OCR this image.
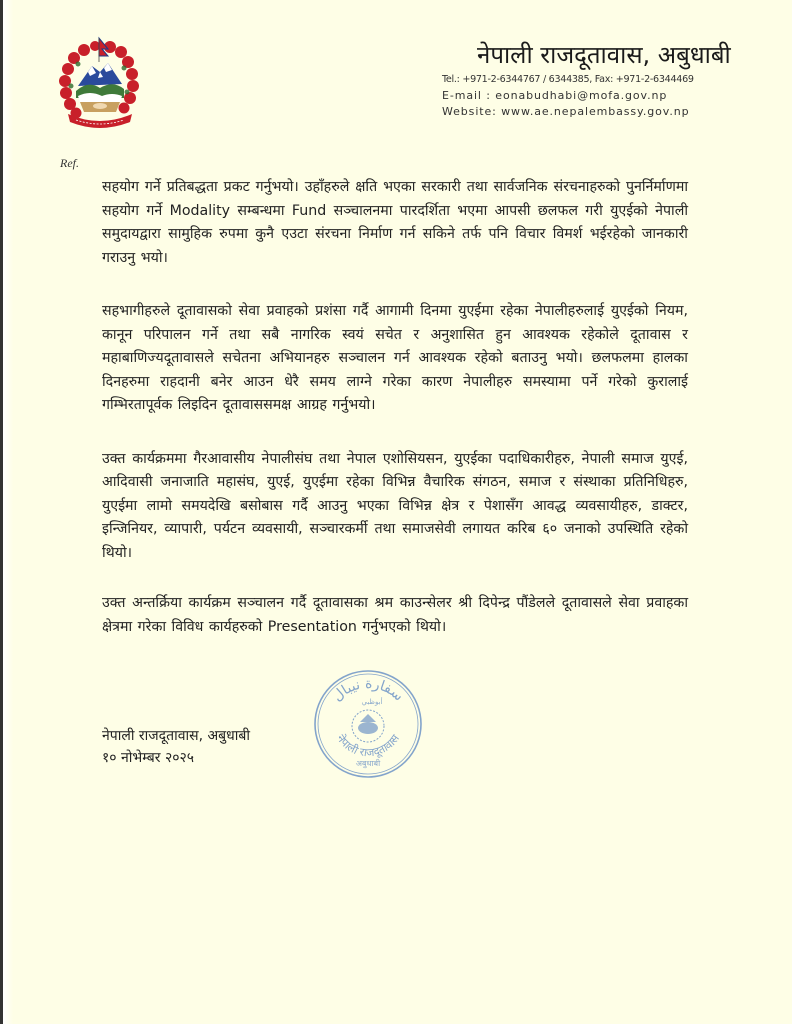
नेपाली राजदूतावास, अबुधाबी
Tel.: +971-2-6344767 / 6344385, Fax: +971-2-6344469
E-mail : eonabudhabi@mofa.gov.np
Website: www.ae.nepalembassy.gov.np
Ref.

सहयोग गर्ने प्रतिबद्धता प्रकट गर्नुभयो। उहाँहरुले क्षति भएका सरकारी तथा सार्वजनिक संरचनाहरुको पुनर्निर्माणमा सहयोग गर्ने Modality सम्बन्धमा Fund सञ्चालनमा पारदर्शिता भएमा आपसी छलफल गरी युएईको नेपाली समुदायद्वारा सामुहिक रुपमा कुनै एउटा संरचना निर्माण गर्न सकिने तर्फ पनि विचार विमर्श भईरहेको जानकारी गराउनु भयो।

सहभागीहरुले दूतावासको सेवा प्रवाहको प्रशंसा गर्दै आगामी दिनमा युएईमा रहेका नेपालीहरुलाई युएईको नियम, कानून परिपालन गर्ने तथा सबै नागरिक स्वयं सचेत र अनुशासित हुन आवश्यक रहेकोले दूतावास र महाबाणिज्यदूतावासले सचेतना अभियानहरु सञ्चालन गर्न आवश्यक रहेको बताउनु भयो। छलफलमा हालका दिनहरुमा राहदानी बनेर आउन धेरै समय लाग्ने गरेका कारण नेपालीहरु समस्यामा पर्ने गरेको कुरालाई गम्भिरतापूर्वक लिइदिन दूतावाससमक्ष आग्रह गर्नुभयो।

उक्त कार्यक्रममा गैरआवासीय नेपालीसंघ तथा नेपाल एशोसियसन, युएईका पदाधिकारीहरु, नेपाली समाज युएई, आदिवासी जनाजाति महासंघ, युएई, युएईमा रहेका विभिन्न वैचारिक संगठन, समाज र संस्थाका प्रतिनिधिहरु, युएईमा लामो समयदेखि बसोबास गर्दै आउनु भएका विभिन्न क्षेत्र र पेशासँग आवद्ध व्यवसायीहरु, डाक्टर, इन्जिनियर, व्यापारी, पर्यटन व्यवसायी, सञ्चारकर्मी तथा समाजसेवी लगायत करिब ६० जनाको उपस्थिति रहेको थियो।

उक्त अन्तर्क्रिया कार्यक्रम सञ्चालन गर्दै दूतावासका श्रम काउन्सेलर श्री दिपेन्द्र पौंडेलले दूतावासले सेवा प्रवाहका क्षेत्रमा गरेका विविध कार्यहरुको Presentation गर्नुभएको थियो।

नेपाली राजदूतावास, अबुधाबी
१० नोभेम्बर २०२५
سفارة نيبال
नेपाली राजदूतावास
अबुधाबी
أبوظبي
